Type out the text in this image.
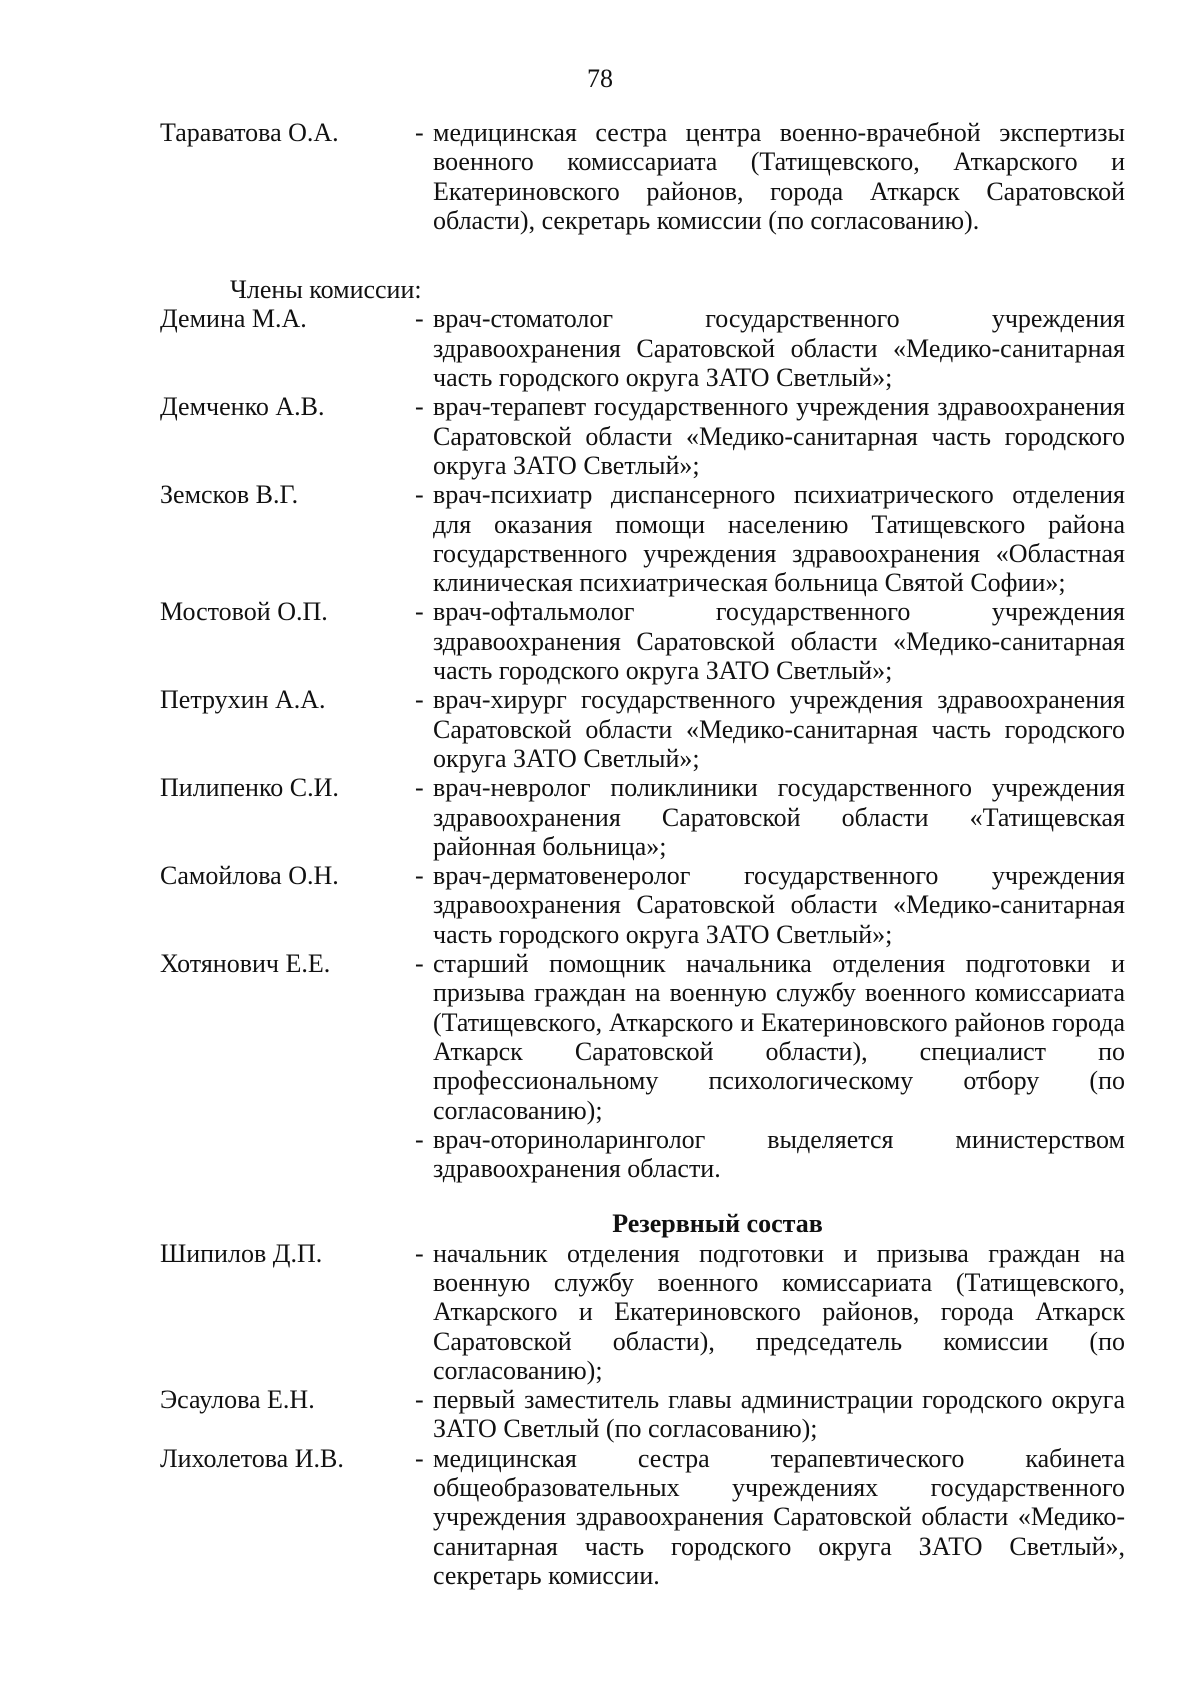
78
Тараватова О.А.	- медицинская сестра центра военно-врачебной экспертизы военного комиссариата (Татищевского, Аткарского и Екатериновского районов, города Аткарск Саратовской области), секретарь комиссии (по согласованию).
Члены комиссии:
Демина М.А.	- врач-стоматолог государственного учреждения здравоохранения Саратовской области «Медико-санитарная часть городского округа ЗАТО Светлый»;
Демченко А.В.	- врач-терапевт государственного учреждения здравоохранения Саратовской области «Медико-санитарная часть городского округа ЗАТО Светлый»;
Земсков В.Г.	- врач-психиатр диспансерного психиатрического отделения для оказания помощи населению Татищевского района государственного учреждения здравоохранения «Областная клиническая психиатрическая больница Святой Софии»;
Мостовой О.П.	- врач-офтальмолог государственного учреждения здравоохранения Саратовской области «Медико-санитарная часть городского округа ЗАТО Светлый»;
Петрухин А.А.	- врач-хирург государственного учреждения здравоохранения Саратовской области «Медико-санитарная часть городского округа ЗАТО Светлый»;
Пилипенко С.И.	- врач-невролог поликлиники государственного учреждения здравоохранения Саратовской области «Татищевская районная больница»;
Самойлова О.Н.	- врач-дерматовенеролог государственного учреждения здравоохранения Саратовской области «Медико-санитарная часть городского округа ЗАТО Светлый»;
Хотянович Е.Е.	- старший помощник начальника отделения подготовки и призыва граждан на военную службу военного комиссариата (Татищевского, Аткарского и Екатериновского районов города Аткарск Саратовской области), специалист по профессиональному психологическому отбору (по согласованию);
- врач-оториноларинголог выделяется министерством здравоохранения области.
Резервный состав
Шипилов Д.П.	- начальник отделения подготовки и призыва граждан на военную службу военного комиссариата (Татищевского, Аткарского и Екатериновского районов, города Аткарск Саратовской области), председатель комиссии (по согласованию);
Эсаулова Е.Н.	- первый заместитель главы администрации городского округа ЗАТО Светлый (по согласованию);
Лихолетова И.В.	- медицинская сестра терапевтического кабинета общеобразовательных учреждениях государственного учреждения здравоохранения Саратовской области «Медико-санитарная часть городского округа ЗАТО Светлый», секретарь комиссии.
